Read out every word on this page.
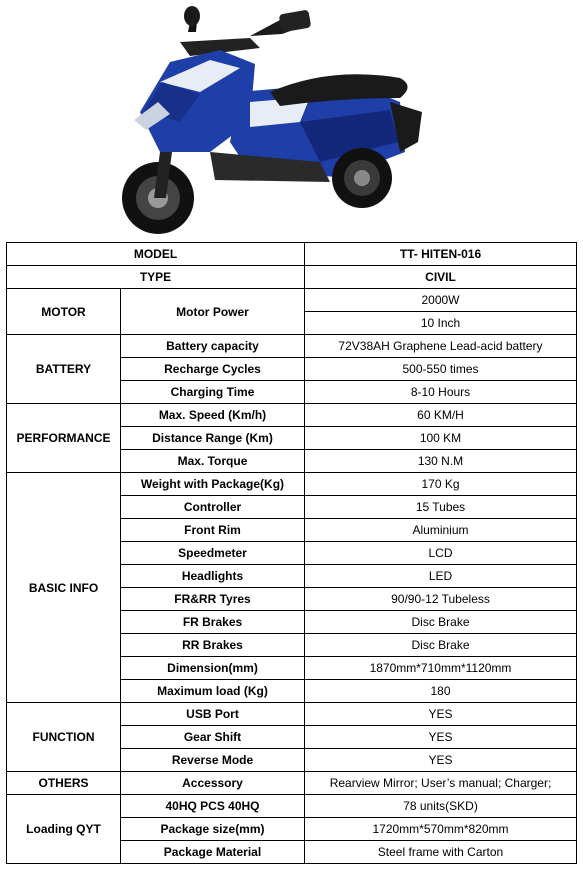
MODEL		TT- HITEN-016
TYPE		CIVIL
MOTOR	Motor Power	2000W
		10 Inch
BATTERY	Battery capacity	72V38AH Graphene Lead-acid battery
	Recharge Cycles	500-550 times
	Charging Time	8-10 Hours
PERFORMANCE	Max. Speed (Km/h)	60 KM/H
	Distance Range (Km)	100 KM
	Max. Torque	130 N.M
BASIC INFO	Weight with Package(Kg)	170 Kg
	Controller	15 Tubes
	Front Rim	Aluminium
	Speedmeter	LCD
	Headlights	LED
	FR&RR Tyres	90/90-12 Tubeless
	FR Brakes	Disc Brake
	RR Brakes	Disc Brake
	Dimension(mm)	1870mm*710mm*1120mm
	Maximum load (Kg)	180
FUNCTION	USB Port	YES
	Gear Shift	YES
	Reverse Mode	YES
OTHERS	Accessory	Rearview Mirror; User’s manual; Charger;
Loading QYT	40HQ PCS 40HQ	78 units(SKD)
	Package size(mm)	1720mm*570mm*820mm
	Package Material	Steel frame with Carton
